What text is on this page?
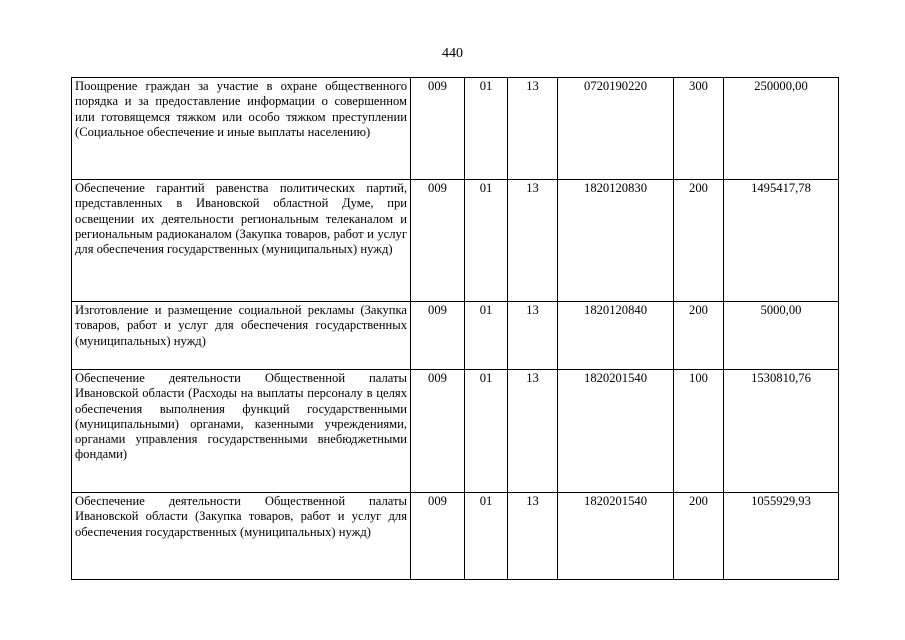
440
Поощрение граждан за участие в охране общественного порядка и за предоставление информации о совершенном или готовящемся тяжком или особо тяжком преступлении (Социальное обеспечение и иные выплаты населению)	009	01	13	0720190220	300	250000,00
Обеспечение гарантий равенства политических партий, представленных в Ивановской областной Думе, при освещении их деятельности региональным телеканалом и региональным радиоканалом (Закупка товаров, работ и услуг для обеспечения государственных (муниципальных) нужд)	009	01	13	1820120830	200	1495417,78
Изготовление и размещение социальной рекламы (Закупка товаров, работ и услуг для обеспечения государственных (муниципальных) нужд)	009	01	13	1820120840	200	5000,00
Обеспечение деятельности Общественной палаты Ивановской области (Расходы на выплаты персоналу в целях обеспечения выполнения функций государственными (муниципальными) органами, казенными учреждениями, органами управления государственными внебюджетными фондами)	009	01	13	1820201540	100	1530810,76
Обеспечение деятельности Общественной палаты Ивановской области (Закупка товаров, работ и услуг для обеспечения государственных (муниципальных) нужд)	009	01	13	1820201540	200	1055929,93
